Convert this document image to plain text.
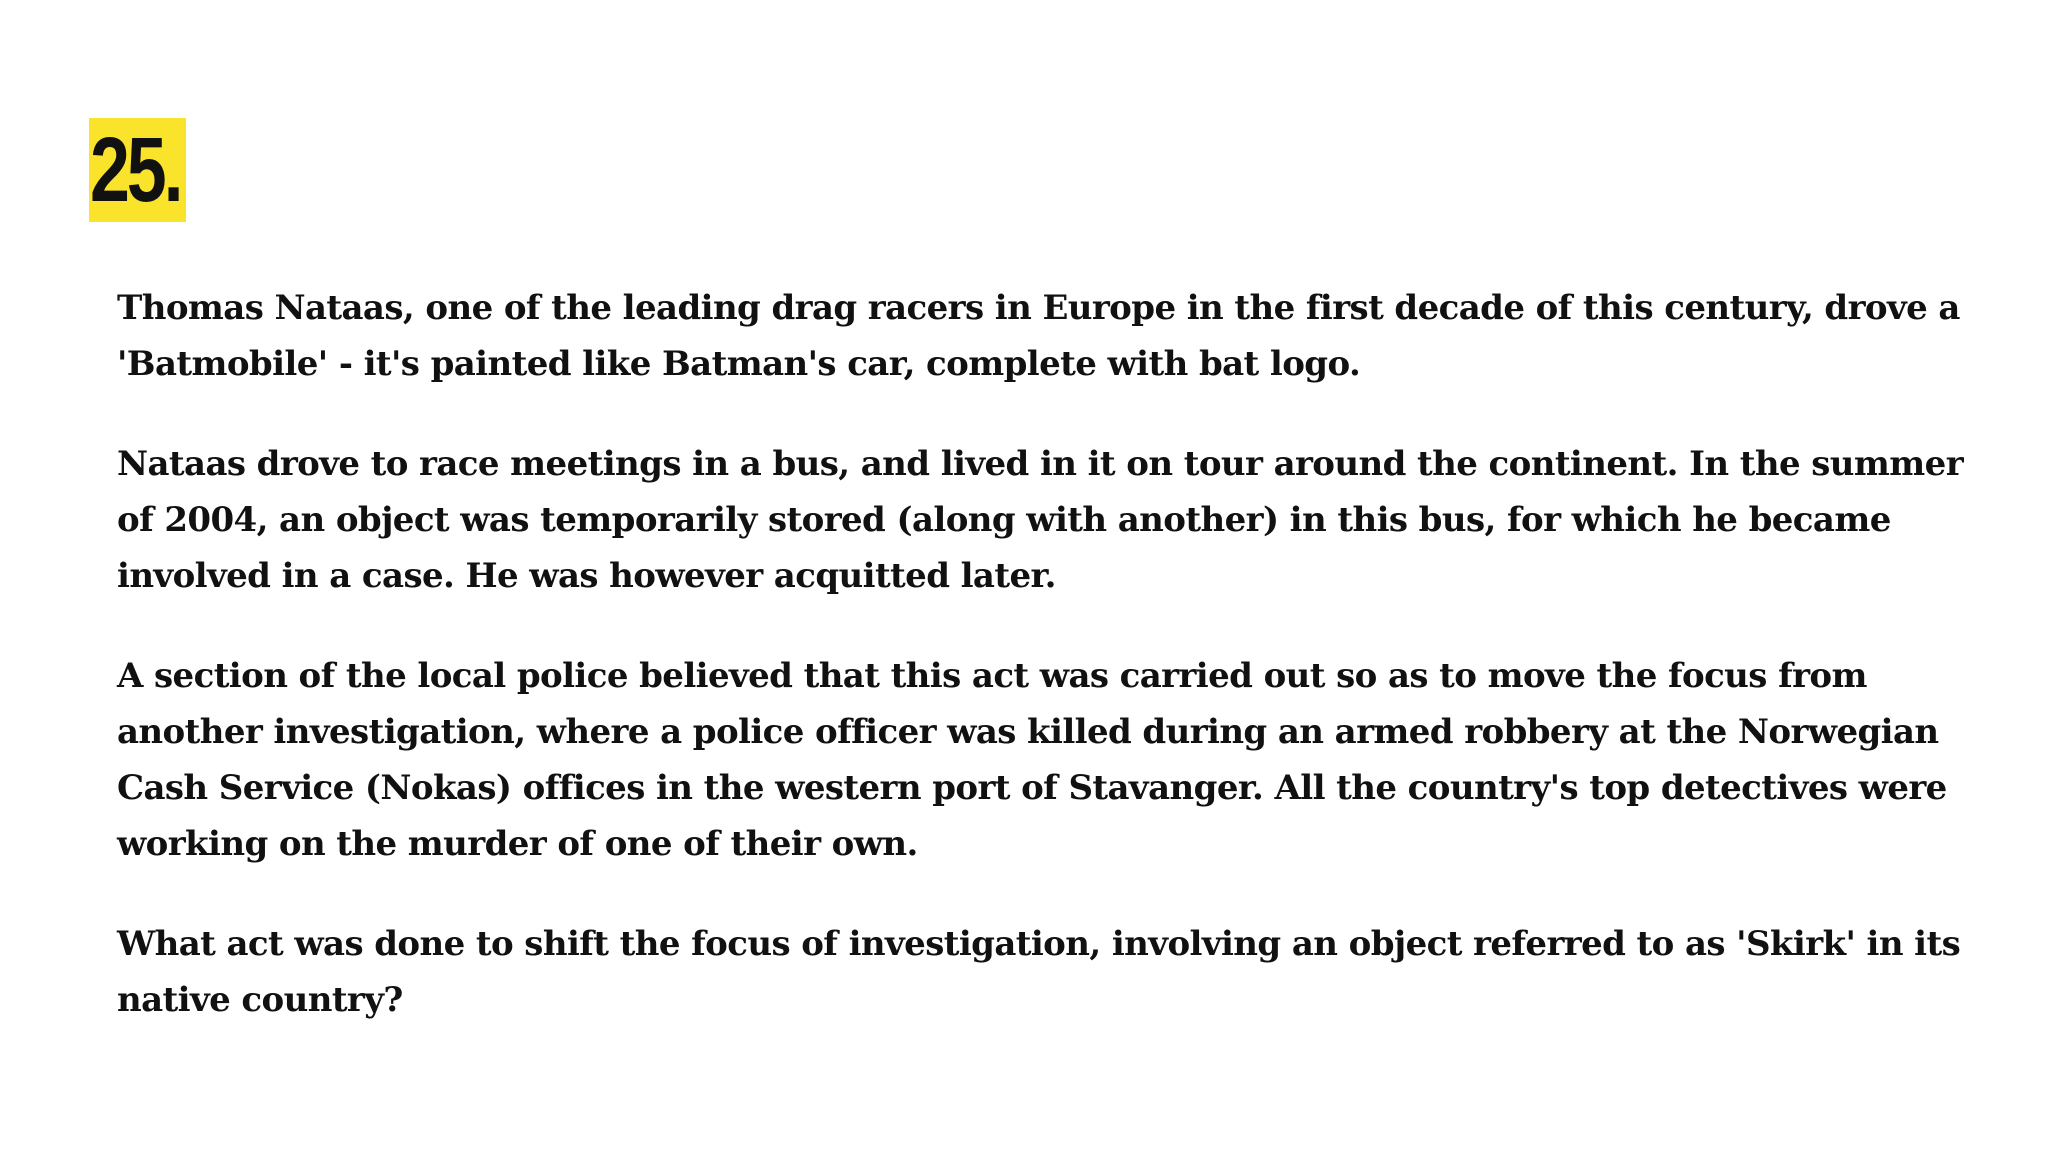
25.

Thomas Nataas, one of the leading drag racers in Europe in the first decade of this century, drove a 'Batmobile' - it's painted like Batman's car, complete with bat logo.

Nataas drove to race meetings in a bus, and lived in it on tour around the continent. In the summer of 2004, an object was temporarily stored (along with another) in this bus, for which he became involved in a case. He was however acquitted later.

A section of the local police believed that this act was carried out so as to move the focus from another investigation, where a police officer was killed during an armed robbery at the Norwegian Cash Service (Nokas) offices in the western port of Stavanger. All the country's top detectives were working on the murder of one of their own.

What act was done to shift the focus of investigation, involving an object referred to as 'Skirk' in its native country?
